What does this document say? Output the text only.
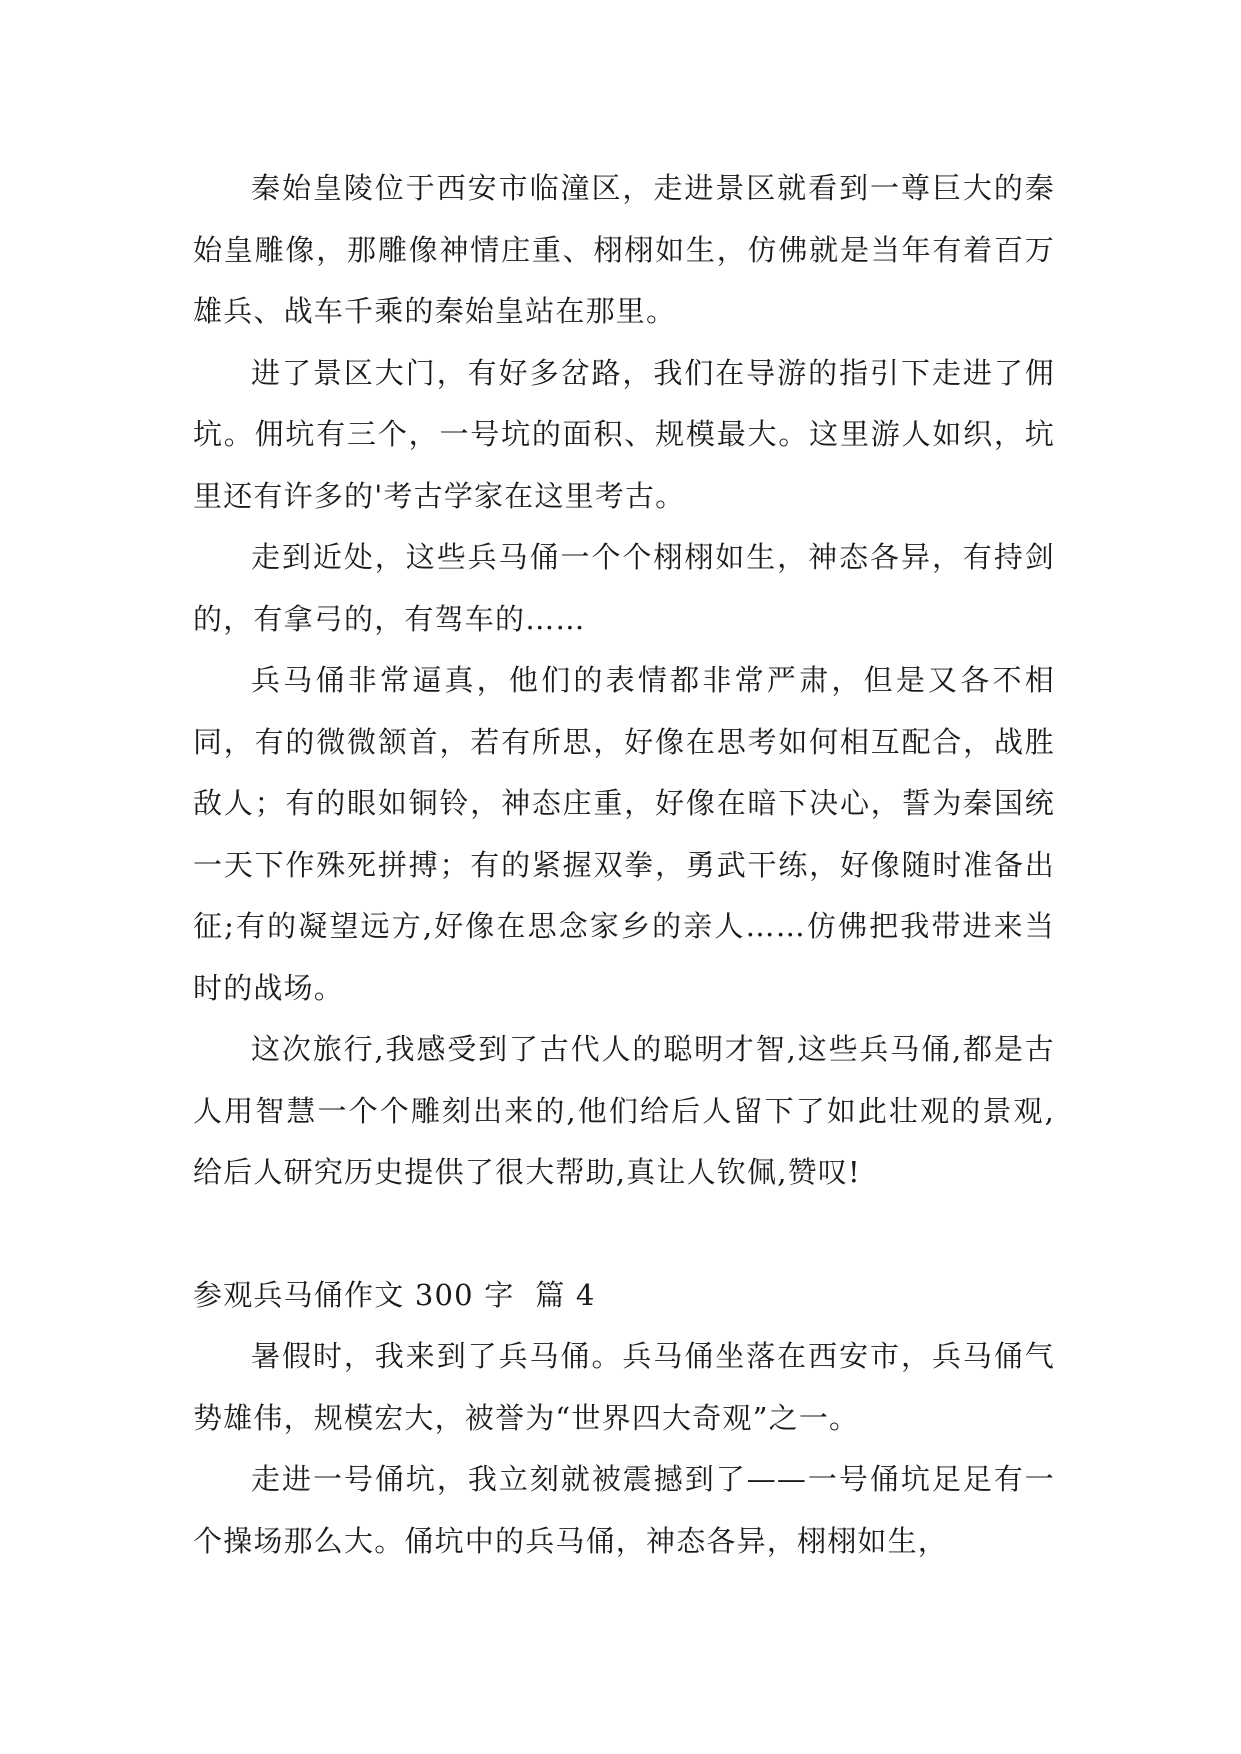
秦始皇陵位于西安市临潼区，走进景区就看到一尊巨大的秦始皇雕像，那雕像神情庄重、栩栩如生，仿佛就是当年有着百万雄兵、战车千乘的秦始皇站在那里。

进了景区大门，有好多岔路，我们在导游的指引下走进了佣坑。佣坑有三个，一号坑的面积、规模最大。这里游人如织，坑里还有许多的'考古学家在这里考古。

走到近处，这些兵马俑一个个栩栩如生，神态各异，有持剑的，有拿弓的，有驾车的……

兵马俑非常逼真，他们的表情都非常严肃，但是又各不相同，有的微微颔首，若有所思，好像在思考如何相互配合，战胜敌人；有的眼如铜铃，神态庄重，好像在暗下决心，誓为秦国统一天下作殊死拼搏；有的紧握双拳，勇武干练，好像随时准备出征;有的凝望远方,好像在思念家乡的亲人……仿佛把我带进来当时的战场。

这次旅行,我感受到了古代人的聪明才智,这些兵马俑,都是古人用智慧一个个雕刻出来的,他们给后人留下了如此壮观的景观,给后人研究历史提供了很大帮助,真让人钦佩,赞叹!

参观兵马俑作文 300 字  篇 4

暑假时，我来到了兵马俑。兵马俑坐落在西安市，兵马俑气势雄伟，规模宏大，被誉为“世界四大奇观”之一。

走进一号俑坑，我立刻就被震撼到了——一号俑坑足足有一个操场那么大。俑坑中的兵马俑，神态各异，栩栩如生，
